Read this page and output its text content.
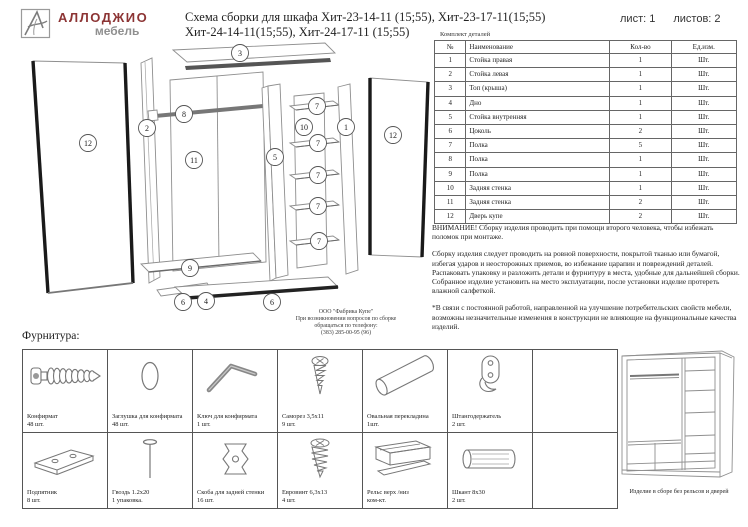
АЛЛОДЖИО
мебель
Схема сборки для шкафа Хит-23-14-11 (15;55), Хит-23-17-11(15;55)
Хит-24-14-11(15;55), Хит-24-17-11 (15;55)
лист: 1 листов: 2
Комплект деталей
№	Наименование	Кол-во	Ед.изм.
1	Стойка правая	1	Шт.
2	Стойка левая	1	Шт.
3	Топ (крыша)	1	Шт.
4	Дно	1	Шт.
5	Стойка внутренняя	1	Шт.
6	Цоколь	2	Шт.
7	Полка	5	Шт.
8	Полка	1	Шт.
9	Полка	1	Шт.
10	Задняя стенка	1	Шт.
11	Задняя стенка	2	Шт.
12	Дверь купе	2	Шт.
12
2
8
11
3
7
10
7
5
7
7
7
1
12
9
6 4	6
ООО "Фабрика Купе"
При возникновении вопросов по сборке
обращаться по телефону:
(383) 285-00-95 (96)
ВНИМАНИЕ! Сборку изделия проводить при помощи второго человека, чтобы избежать поломок при монтаже.
Сборку изделия следует проводить на ровной поверхности, покрытой тканью или бумагой, избегая ударов и неосторожных приемов, во избежание царапин и повреждений деталей.
Распаковать упаковку и разложить детали и фурнитуру в места, удобные для дальнейшей сборки.
Собранное изделие установить на место эксплуатации, после установки изделие протереть влажной салфеткой.
*В связи с постоянной работой, направленной на улучшение потребительских свойств мебели, возможны незначительные изменения в конструкции не влияющие на функциональные качества изделий.
Фурнитура:
Конфирмат
48 шт.
Заглушка для конфирмата
48 шт.
Ключ для конфирмата
1 шт.
Саморез 3,5х11
9 шт.
Овальная перекладина
1шт.
Штангодержатель
2 шт.
Подпятник
8 шт.
Гвоздь 1.2х20
1 упаковка.
Скоба для задней стенки
16 шт.
Евровинт 6,3х13
4 шт.
Рельс верх /низ
ком-кт.
Шкант 8х30
2 шт.
Изделие в сборе без рельсов и дверей
